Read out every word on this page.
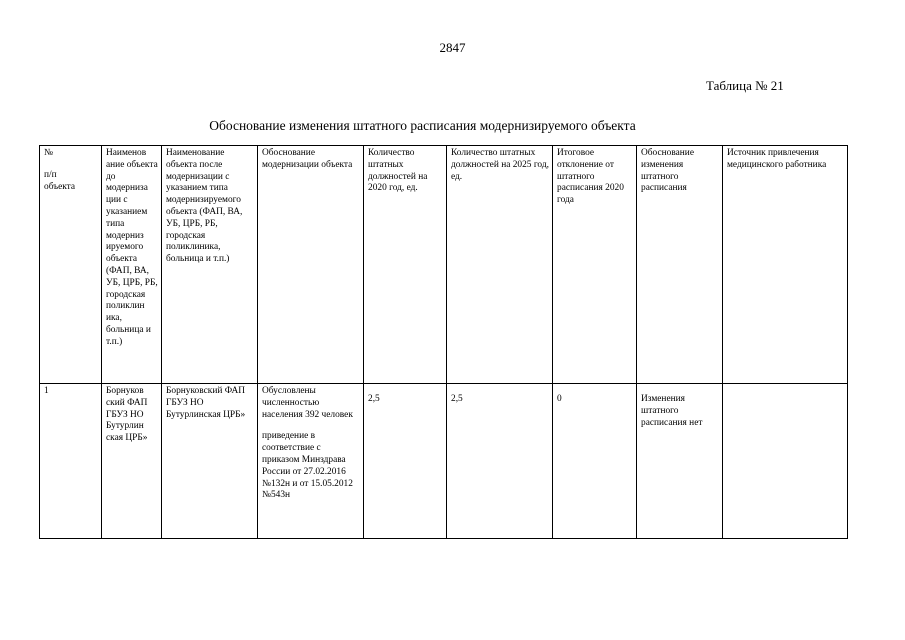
2847
Таблица № 21
Обоснование изменения штатного расписания модернизируемого объекта
№
п/п
объекта	Наименов ание объекта до модерниза ции с указанием типа модерниз ируемого объекта (ФАП, ВА, УБ, ЦРБ, РБ, городская поликлин ика, больница и т.п.)	Наименование объекта после модернизации с указанием типа модернизируемого объекта (ФАП, ВА, УБ, ЦРБ, РБ, городская поликлиника, больница и т.п.)	Обоснование модернизации объекта	Количество штатных должностей на 2020 год, ед.	Количество штатных должностей на 2025 год, ед.	Итоговое отклонение от штатного расписания 2020 года	Обоснование изменения штатного расписания	Источник привлечения медицинского работника
1	Борнуков ский ФАП ГБУЗ НО Бутурлин ская ЦРБ»	Борнуковский ФАП ГБУЗ НО Бутурлинская ЦРБ»	Обусловлены численностью населения 392 человек
приведение в соответствие с приказом Минздрава России от 27.02.2016 №132н и от 15.05.2012 №543н	2,5	2,5	0	Изменения штатного расписания нет	
